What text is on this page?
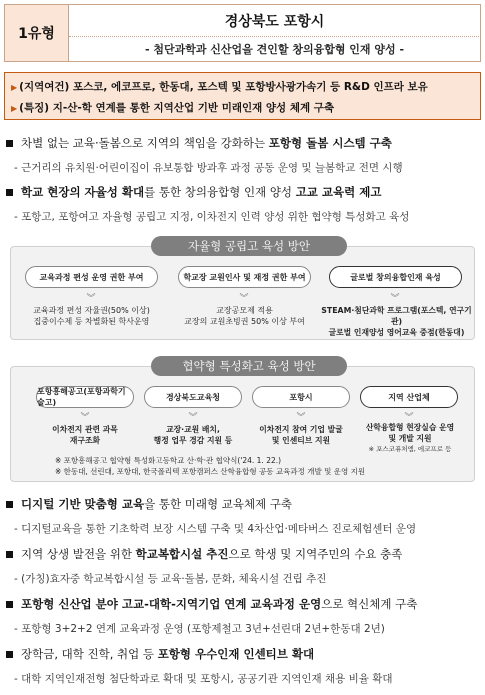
1유형
경상북도 포항시
- 첨단과학과 신산업을 견인할 창의융합형 인재 양성 -
▶ (지역여건) 포스코, 에코프로, 한동대, 포스텍 및 포항방사광가속기 등 R&D 인프라 보유
▶ (특징) 지-산-학 연계를 통한 지역산업 기반 미래인재 양성 체계 구축
차별 없는 교육·돌봄으로 지역의 책임을 강화하는 포항형 돌봄 시스템 구축
- 근거리의 유치원·어린이집이 유보통합 방과후 과정 공동 운영 및 늘봄학교 전면 시행
학교 현장의 자율성 확대를 통한 창의융합형 인재 양성 고교 교육력 제고
- 포항고, 포항여고 자율형 공립고 지정, 이차전지 인력 양성 위한 협약형 특성화고 육성
자율형 공립고 육성 방안
교육과정 편성 운영 권한 부여	학교장 교원인사 및 재정 권한 부여	글로벌 창의융합인재 육성
︾	︾	︾
교육과정 편성 자율권(50% 이상)
집중이수제 등 차별화된 학사운영
교장공모제 적용
교장의 교원초빙권 50% 이상 부여
STEAM·첨단과학 프로그램(포스텍, 연구기관)
글로벌 인재양성 영어교육 중점(한동대)
협약형 특성화고 육성 방안
포항흥해공고(포항과학기술고)
경상북도교육청	포항시	지역 산업체
︾	︾	︾	︾
이차전지 관련 과목
재구조화
교장·교원 배치,
행정 업무 경감 지원 등
이차전지 참여 기업 발굴
및 인센티브 지원
산학융합형 현장실습 운영
및 개발 지원
※ 포스코퓨처엠, 에코프로 등
※ 포항흥해공고 협약형 특성화고등학교 산·학·관 협약식('24. 1. 22.)
※ 한동대, 선린대, 포항대, 한국폴리텍 포항캠퍼스 산학융합형 공동 교육과정 개발 및 운영 지원
디지털 기반 맞춤형 교육을 통한 미래형 교육체제 구축
- 디지털교육을 통한 기초학력 보장 시스템 구축 및 4차산업·메타버스 진로체험센터 운영
지역 상생 발전을 위한 학교복합시설 추진으로 학생 및 지역주민의 수요 충족
- (가칭)효자중 학교복합시설 등 교육·돌봄, 문화, 체육시설 건립 추진
포항형 신산업 분야 고교-대학-지역기업 연계 교육과정 운영으로 혁신체계 구축
- 포항형 3+2+2 연계 교육과정 운영 (포항제철고 3년+선린대 2년+한동대 2년)
장학금, 대학 진학, 취업 등 포항형 우수인재 인센티브 확대
- 대학 지역인재전형 첨단학과로 확대 및 포항시, 공공기관 지역인재 채용 비율 확대
